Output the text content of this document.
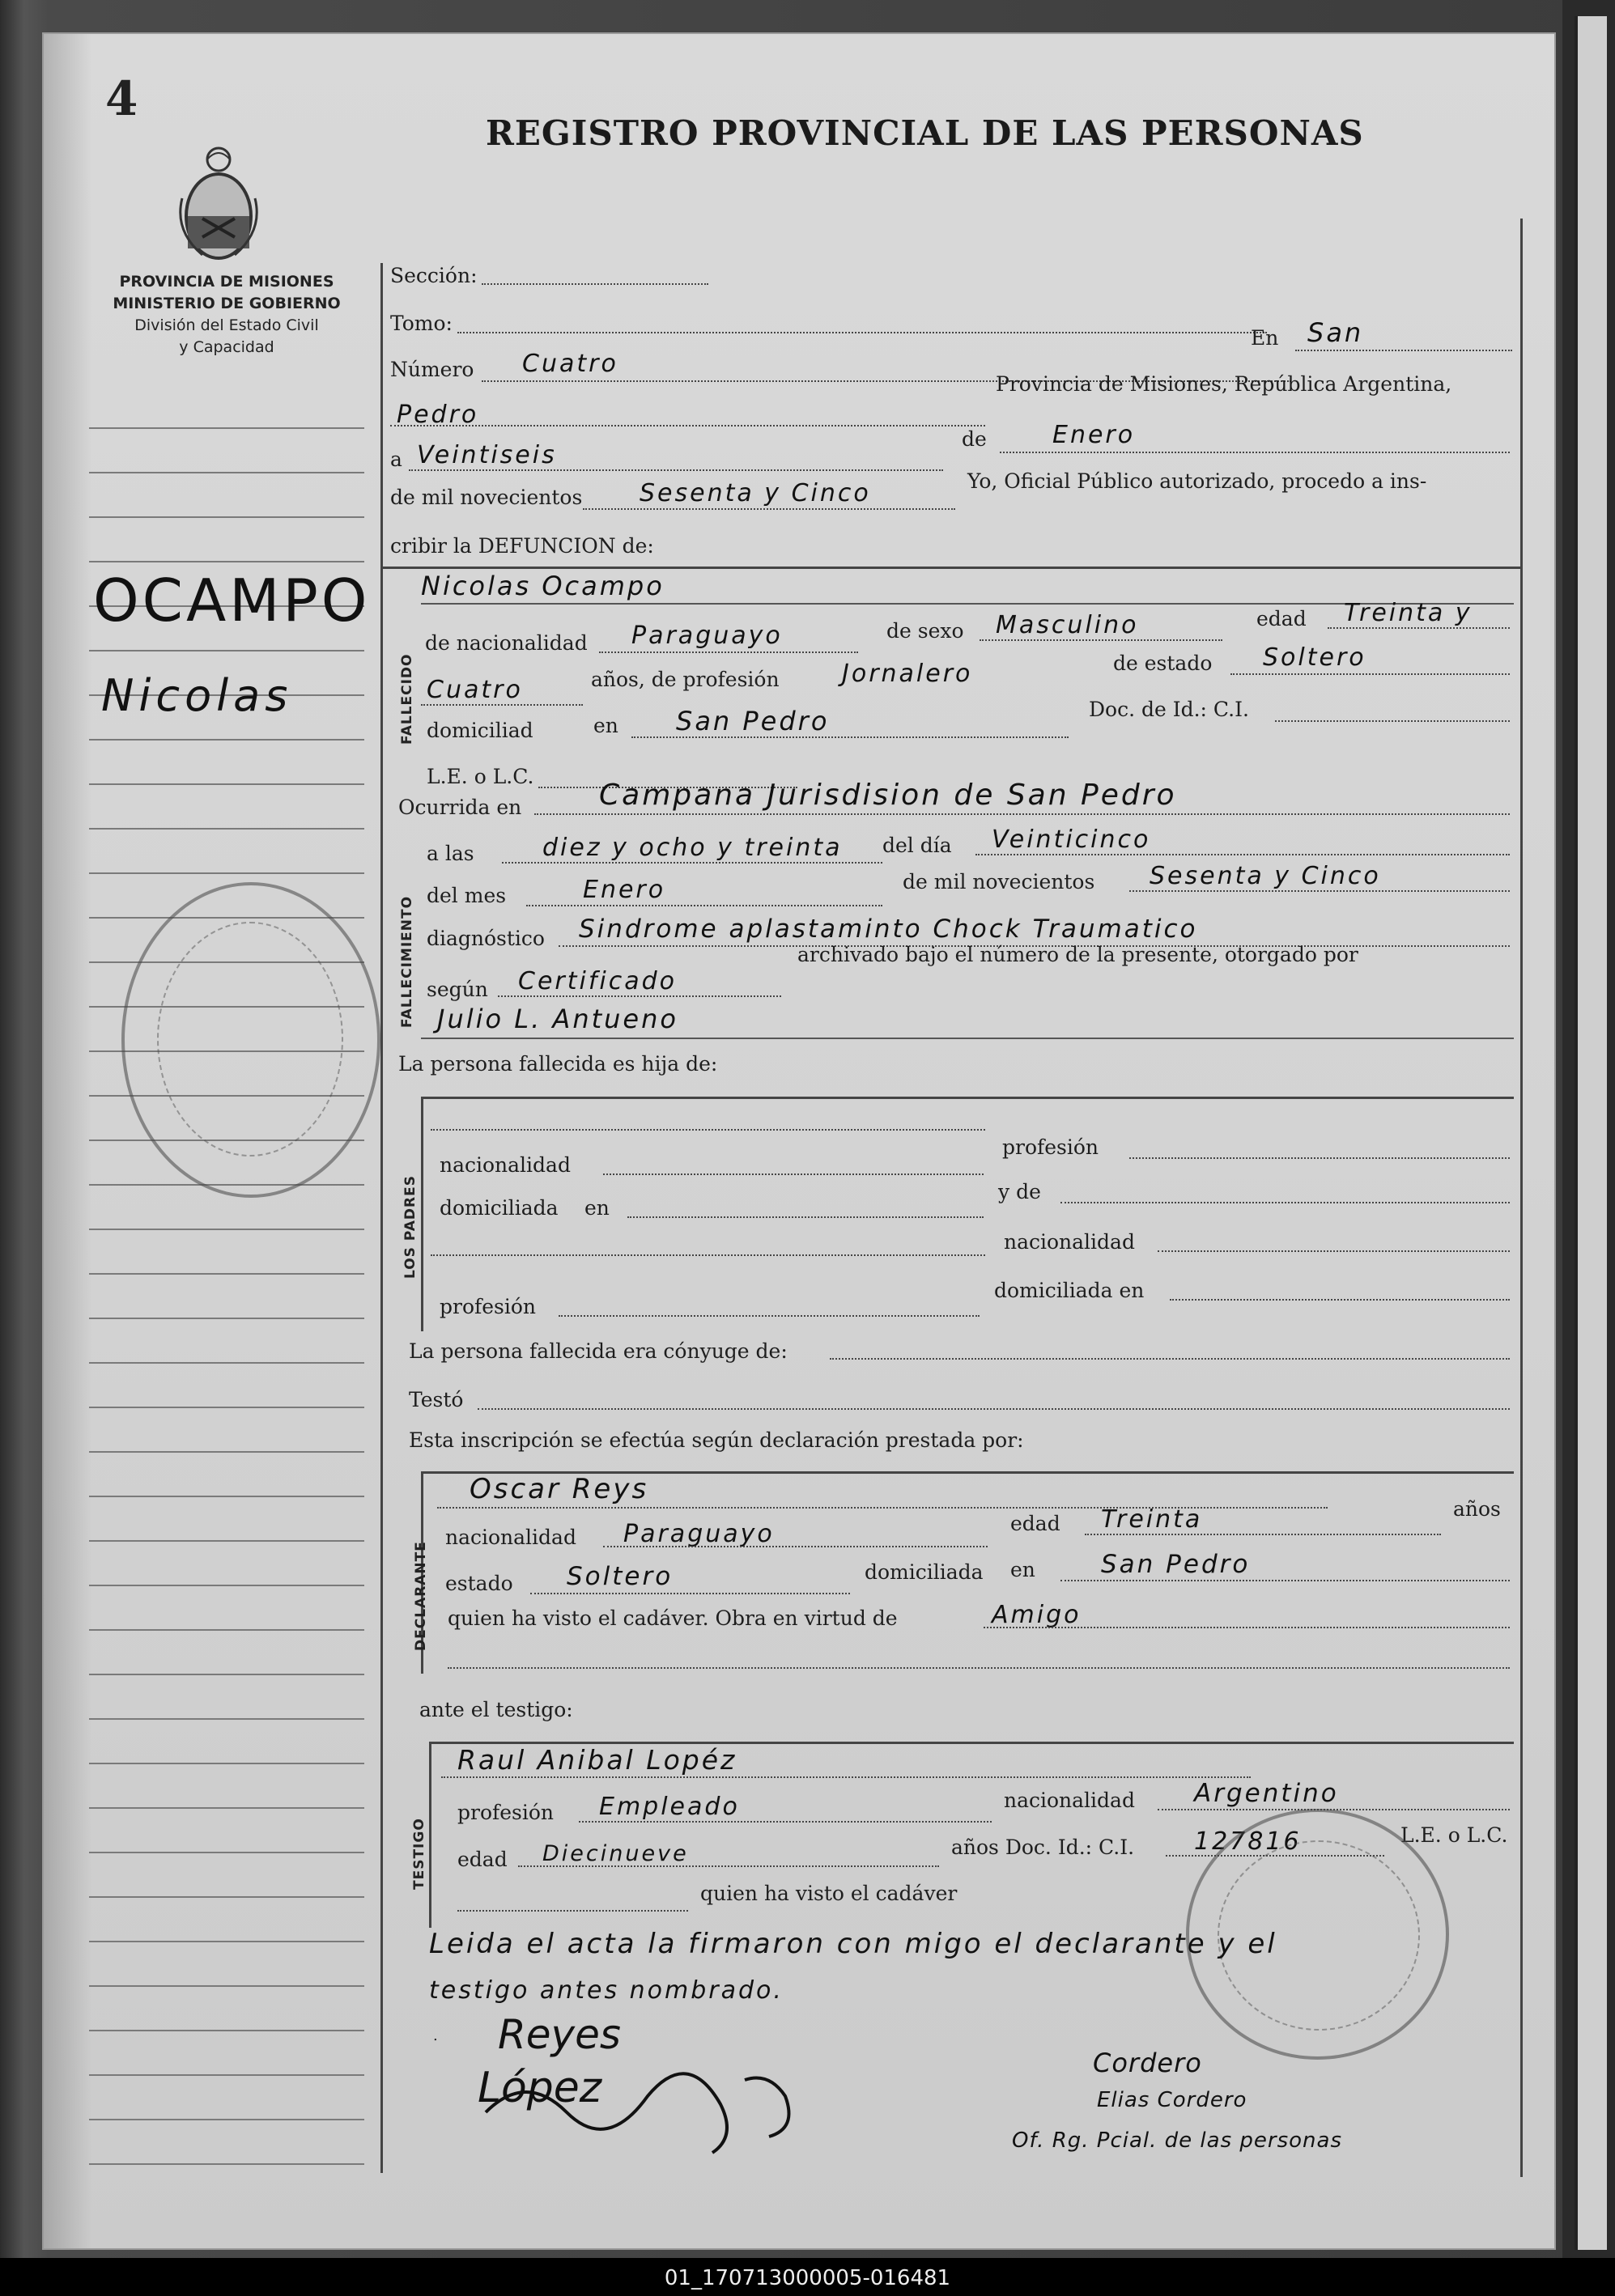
4
REGISTRO PROVINCIAL DE LAS PERSONAS
PROVINCIA DE MISIONES
MINISTERIO DE GOBIERNO
División del Estado Civil
y Capacidad
OCAMPO
Nicolas
Sección:
Tomo:
En San
Número Cuatro
Pedro
Provincia de Misiones, República Argentina,
a Veintiseis
de	Enero
de mil novecientos Sesenta y Cinco	Yo, Oficial Público autorizado, procedo a ins-
cribir la DEFUNCION de:
FALLECIDO
Nicolas Ocampo
de nacionalidad Paraguayo	de sexo Masculino	edad Treinta y
Cuatro	años, de profesión	Jornalero	de estado Soltero
domiciliad	en San Pedro	Doc. de Id.: C.I.
L.E. o L.C.
Ocurrida en	Campana Jurisdision de San Pedro
FALLECIMIENTO
a las	diez y ocho y treinta del día Veinticinco
del mes	Enero	de mil novecientos Sesenta y Cinco
diagnóstico Sindrome aplastaminto Chock Traumatico
según Certificado
archivado bajo el número de la presente, otorgado por
Julio L. Antueno
La persona fallecida es hija de:
LOS PADRES
nacionalidad
profesión
domiciliada en
y de
nacionalidad
profesión
domiciliada en
La persona fallecida era cónyuge de:
Testó
Esta inscripción se efectúa según declaración prestada por:
DECLARANTE
Oscar Reys
años
nacionalidad Paraguayo	edad Treinta
estado Soltero	domiciliada en	San Pedro
quien ha visto el cadáver. Obra en virtud de	Amigo
ante el testigo:
TESTIGO
Raul Anibal Lopéz
profesión Empleado	nacionalidad Argentino
edad Diecinueve	años Doc. Id.: C.I. 127816	L.E. o L.C.
quien ha visto el cadáver
Leida el acta la firmaron con migo el declarante y el
testigo antes nombrado.
. Reyes
López
Cordero
Elias Cordero
Of. Rg. Pcial. de las personas
01_170713000005-016481
